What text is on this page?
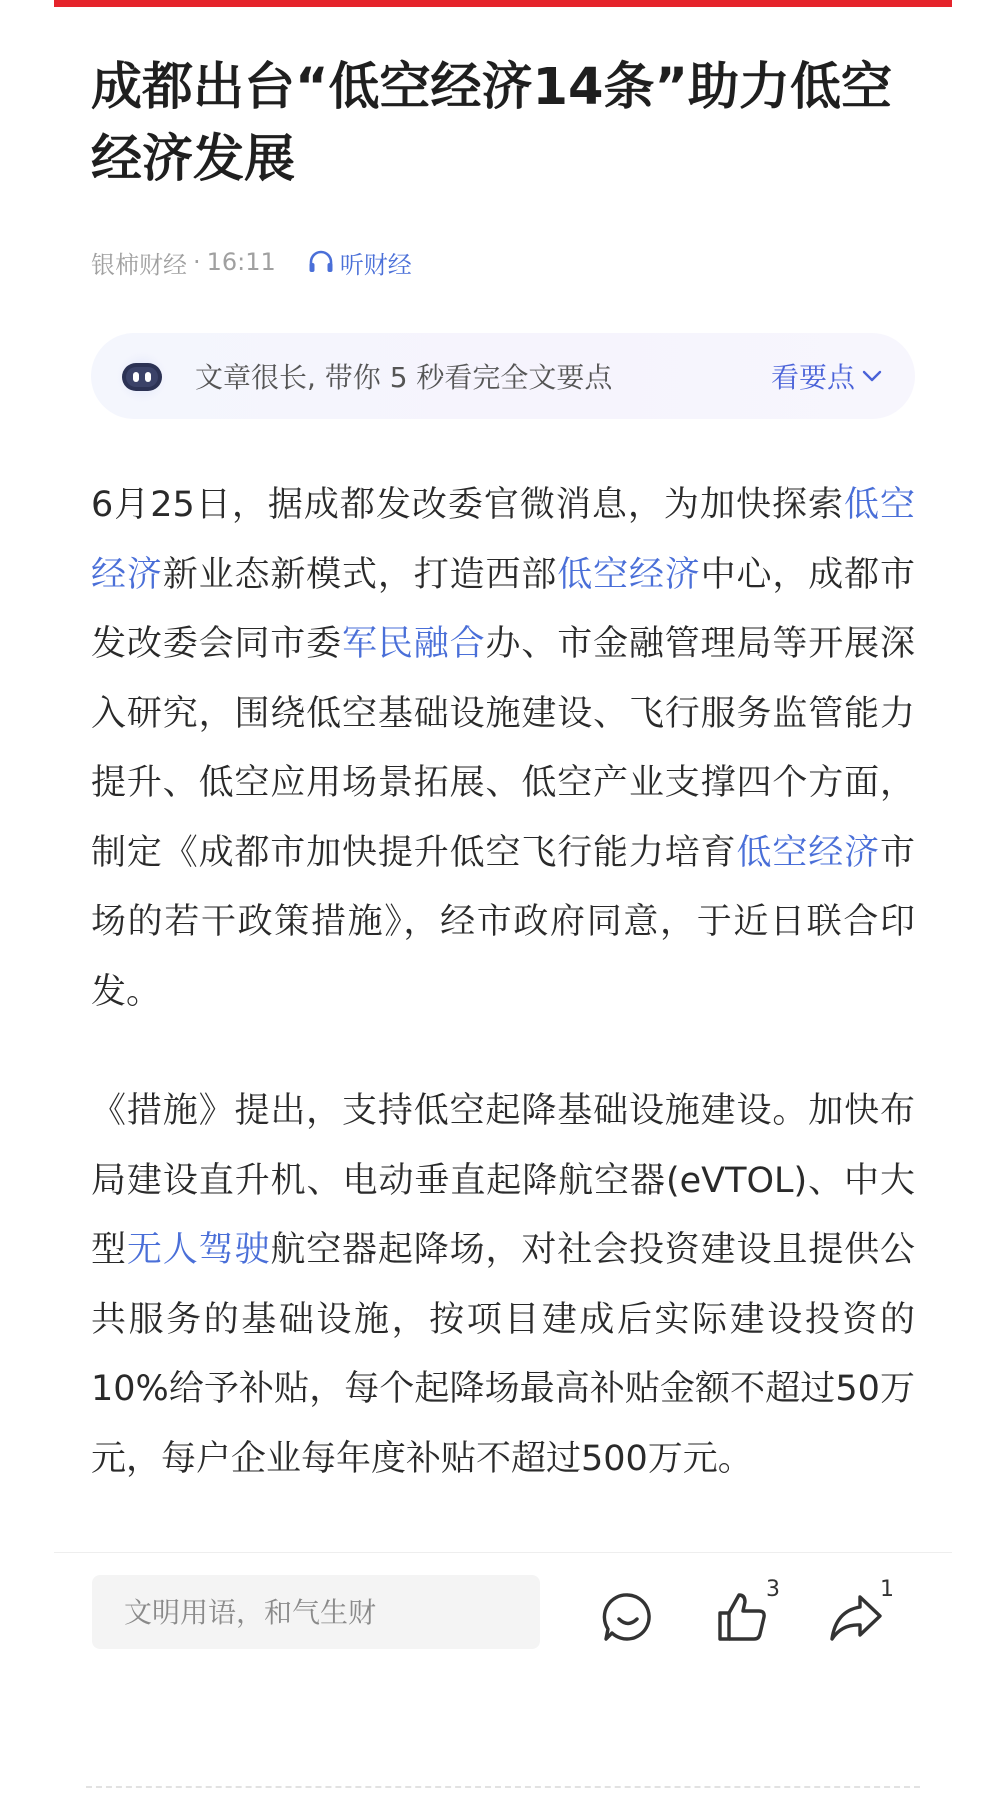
成都出台“低空经济14条”助力低空经济发展
银柿财经 · 16:11	听财经
文章很长, 带你 5 秒看完全文要点	看要点

6月25日，据成都发改委官微消息，为加快探索低空经济新业态新模式，打造西部低空经济中心，成都市发改委会同市委军民融合办、市金融管理局等开展深入研究，围绕低空基础设施建设、飞行服务监管能力提升、低空应用场景拓展、低空产业支撑四个方面，制定《成都市加快提升低空飞行能力培育低空经济市场的若干政策措施》，经市政府同意，于近日联合印发。

《措施》提出，支持低空起降基础设施建设。加快布局建设直升机、电动垂直起降航空器(eVTOL)、中大型无人驾驶航空器起降场，对社会投资建设且提供公共服务的基础设施，按项目建成后实际建设投资的10%给予补贴，每个起降场最高补贴金额不超过50万元，每户企业每年度补贴不超过500万元。

文明用语，和气生财
3	1
